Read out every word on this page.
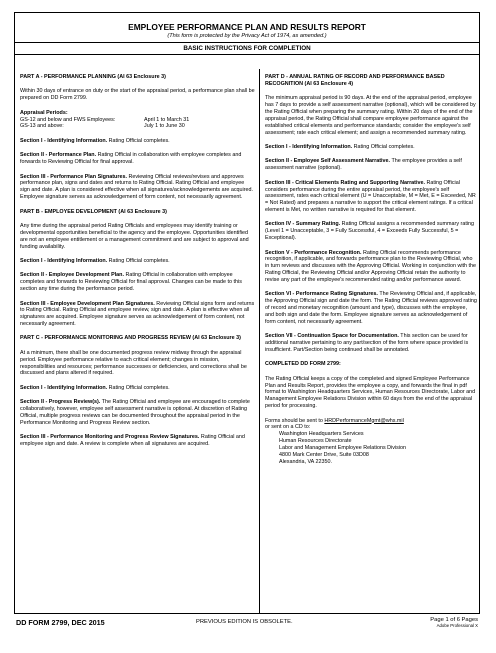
EMPLOYEE PERFORMANCE PLAN AND RESULTS REPORT
(This form is protected by the Privacy Act of 1974, as amended.)
BASIC INSTRUCTIONS FOR COMPLETION

PART A - PERFORMANCE PLANNING (AI 63 Enclosure 3)

Within 30 days of entrance on duty or the start of the appraisal period, a performance plan shall be prepared on DD Form 2799.

Appraisal Periods:
GS-12 and below and FWS Employees:	April 1 to March 31
GS-13 and above:	July 1 to June 30

Section I - Identifying Information. Rating Official completes.

Section II - Performance Plan. Rating Official in collaboration with employee completes and forwards to Reviewing Official for final approval.

Section III - Performance Plan Signatures. Reviewing Official reviews/revises and approves performance plan, signs and dates and returns to Rating Official. Rating Official and employee sign and date. A plan is considered effective when all signatures/acknowledgements are acquired. Employee signature serves as acknowledgement of form content, not necessarily agreement.

PART B - EMPLOYEE DEVELOPMENT (AI 63 Enclosure 3)

Any time during the appraisal period Rating Officials and employees may identify training or developmental opportunities beneficial to the agency and the employee. Opportunities identified are not an employee entitlement or a management commitment and are subject to approval and funding availability.

Section I - Identifying Information. Rating Official completes.

Section II - Employee Development Plan. Rating Official in collaboration with employee completes and forwards to Reviewing Official for final approval. Changes can be made to this section any time during the performance period.

Section III - Employee Development Plan Signatures. Reviewing Official signs form and returns to Rating Official. Rating Official and employee review, sign and date. A plan is effective when all signatures are acquired. Employee signature serves as acknowledgement of form content, not necessarily agreement.

PART C - PERFORMANCE MONITORING AND PROGRESS REVIEW (AI 63 Enclosure 3)

At a minimum, there shall be one documented progress review midway through the appraisal period. Employee performance relative to each critical element; changes in mission, responsibilities and resources; performance successes or deficiencies, and corrections shall be discussed and plans altered if required.

Section I - Identifying Information. Rating Official completes.

Section II - Progress Review(s). The Rating Official and employee are encouraged to complete collaboratively, however, employee self assessment narrative is optional. At discretion of Rating Official, multiple progress reviews can be documented throughout the appraisal period in the Performance Monitoring and Progress Review section.

Section III - Performance Monitoring and Progress Review Signatures. Rating Official and employee sign and date. A review is complete when all signatures are acquired.

PART D - ANNUAL RATING OF RECORD AND PERFORMANCE BASED RECOGNITION (AI 63 Enclosure 4)

The minimum appraisal period is 90 days. At the end of the appraisal period, employee has 7 days to provide a self assessment narrative (optional), which will be considered by the Rating Official when preparing the summary rating. Within 20 days of the end of the appraisal period, the Rating Official shall compare employee performance against the established critical elements and performance standards; consider the employee's self assessment; rate each critical element; and assign a recommended summary rating.

Section I - Identifying Information. Rating Official completes.

Section II - Employee Self Assessment Narrative. The employee provides a self assessment narrative (optional).

Section III - Critical Elements Rating and Supporting Narrative. Rating Official considers performance during the entire appraisal period, the employee's self assessment, rates each critical element (U = Unacceptable, M = Met, E = Exceeded, NR = Not Rated) and prepares a narrative to support the critical element ratings. If a critical element is Met, no written narrative is required for that element.

Section IV - Summary Rating. Rating Official assigns a recommended summary rating (Level 1 = Unacceptable, 3 = Fully Successful, 4 = Exceeds Fully Successful, 5 = Exceptional).

Section V - Performance Recognition. Rating Official recommends performance recognition, if applicable, and forwards performance plan to the Reviewing Official, who in turn reviews and discusses with the Approving Official. Working in conjunction with the Rating Official, the Reviewing Official and/or Approving Official retain the authority to revise any part of the employee's recommended rating and/or performance award.

Section VI - Performance Rating Signatures. The Reviewing Official and, if applicable, the Approving Official sign and date the form. The Rating Official reviews approved rating of record and monetary recognition (amount and type), discusses with the employee, and both sign and date the form. Employee signature serves as acknowledgement of form content, not necessarily agreement.

Section VII - Continuation Space for Documentation. This section can be used for additional narrative pertaining to any part/section of the form where space provided is insufficient. Part/Section being continued shall be annotated.

COMPLETED DD FORM 2799:

The Rating Official keeps a copy of the completed and signed Employee Performance Plan and Results Report, provides the employee a copy, and forwards the final in pdf format to Washington Headquarters Services, Human Resources Directorate, Labor and Management Employee Relations Division within 60 days from the end of the appraisal period for processing.

Forms should be sent to HRDPerformanceMgmt@whs.mil
or sent on a CD to:
Washington Headquarters Services
Human Resources Directorate
Labor and Management Employee Relations Division
4800 Mark Center Drive, Suite 03D08
Alexandria, VA 22350.
DD FORM 2799, DEC 2015	PREVIOUS EDITION IS OBSOLETE.	Page 1 of 6 Pages
Adobe Professional X
